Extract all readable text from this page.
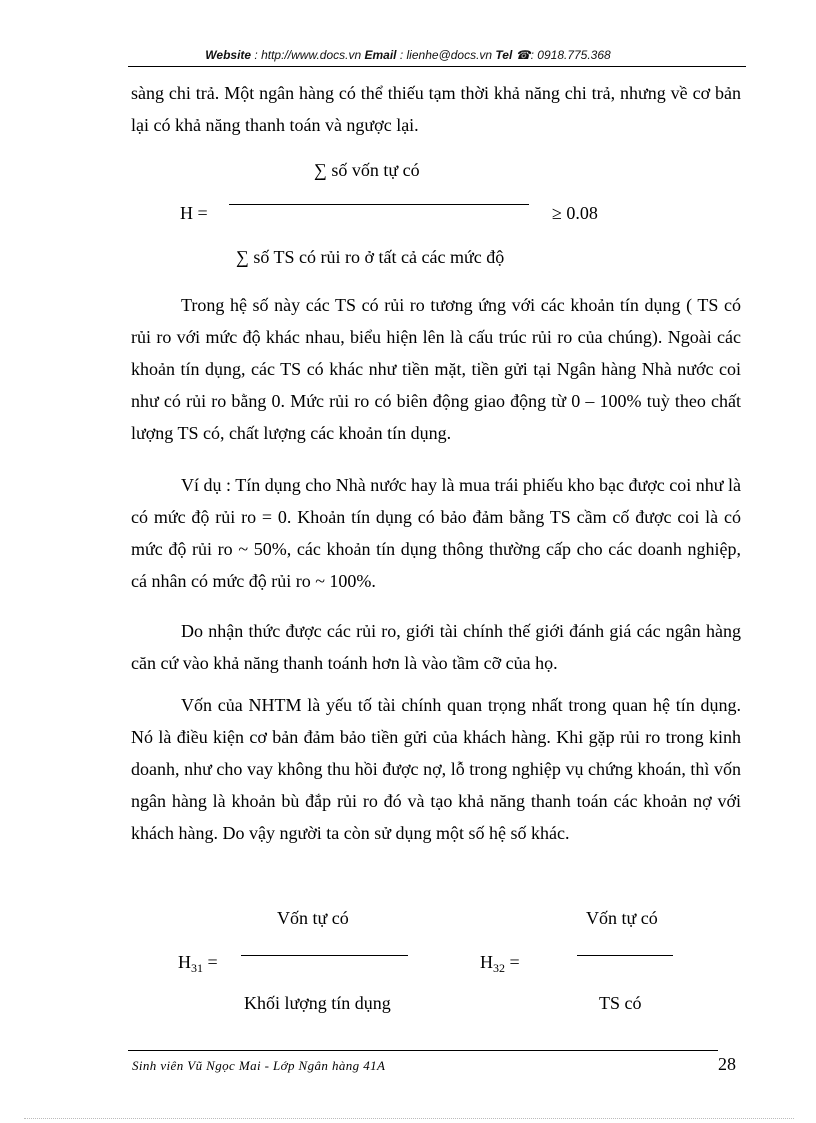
Website : http://www.docs.vn Email : lienhe@docs.vn Tel ☎: 0918.775.368

sàng chi trả. Một ngân hàng có thể thiếu tạm thời khả năng chi trả, nhưng về cơ bản lại có khả năng thanh toán và ngược lại.

∑ số vốn tự có
H =	≥ 0.08
∑ số TS có rủi ro ở tất cả các mức độ

Trong hệ số này các TS có rủi ro tương ứng với các khoản tín dụng ( TS có rủi ro với mức độ khác nhau, biểu hiện lên là cấu trúc rủi ro của chúng). Ngoài các khoản tín dụng, các TS có khác như tiền mặt, tiền gửi tại Ngân hàng Nhà nước coi như có rủi ro bằng 0. Mức rủi ro có biên động giao động từ 0 – 100% tuỳ theo chất lượng TS có, chất lượng các khoản tín dụng.

Ví dụ : Tín dụng cho Nhà nước hay là mua trái phiếu kho bạc được coi như là có mức độ rủi ro = 0. Khoản tín dụng có bảo đảm bằng TS cầm cố được coi là có mức độ rủi ro ~ 50%, các khoản tín dụng thông thường cấp cho các doanh nghiệp, cá nhân có mức độ rủi ro ~ 100%.

Do nhận thức được các rủi ro, giới tài chính thế giới đánh giá các ngân hàng căn cứ vào khả năng thanh toánh hơn là vào tầm cỡ của họ.

Vốn của NHTM là yếu tố tài chính quan trọng nhất trong quan hệ tín dụng. Nó là điều kiện cơ bản đảm bảo tiền gửi của khách hàng. Khi gặp rủi ro trong kinh doanh, như cho vay không thu hồi được nợ, lỗ trong nghiệp vụ chứng khoán, thì vốn ngân hàng là khoản bù đắp rủi ro đó và tạo khả năng thanh toán các khoản nợ với khách hàng. Do vậy người ta còn sử dụng một số hệ số khác.

Vốn tự có
$H_{31}$ =
Khối lượng tín dụng
Vốn tự có
$H_{32}$ =
TS có
Sinh viên Vũ Ngọc Mai - Lớp Ngân hàng 41A	28
